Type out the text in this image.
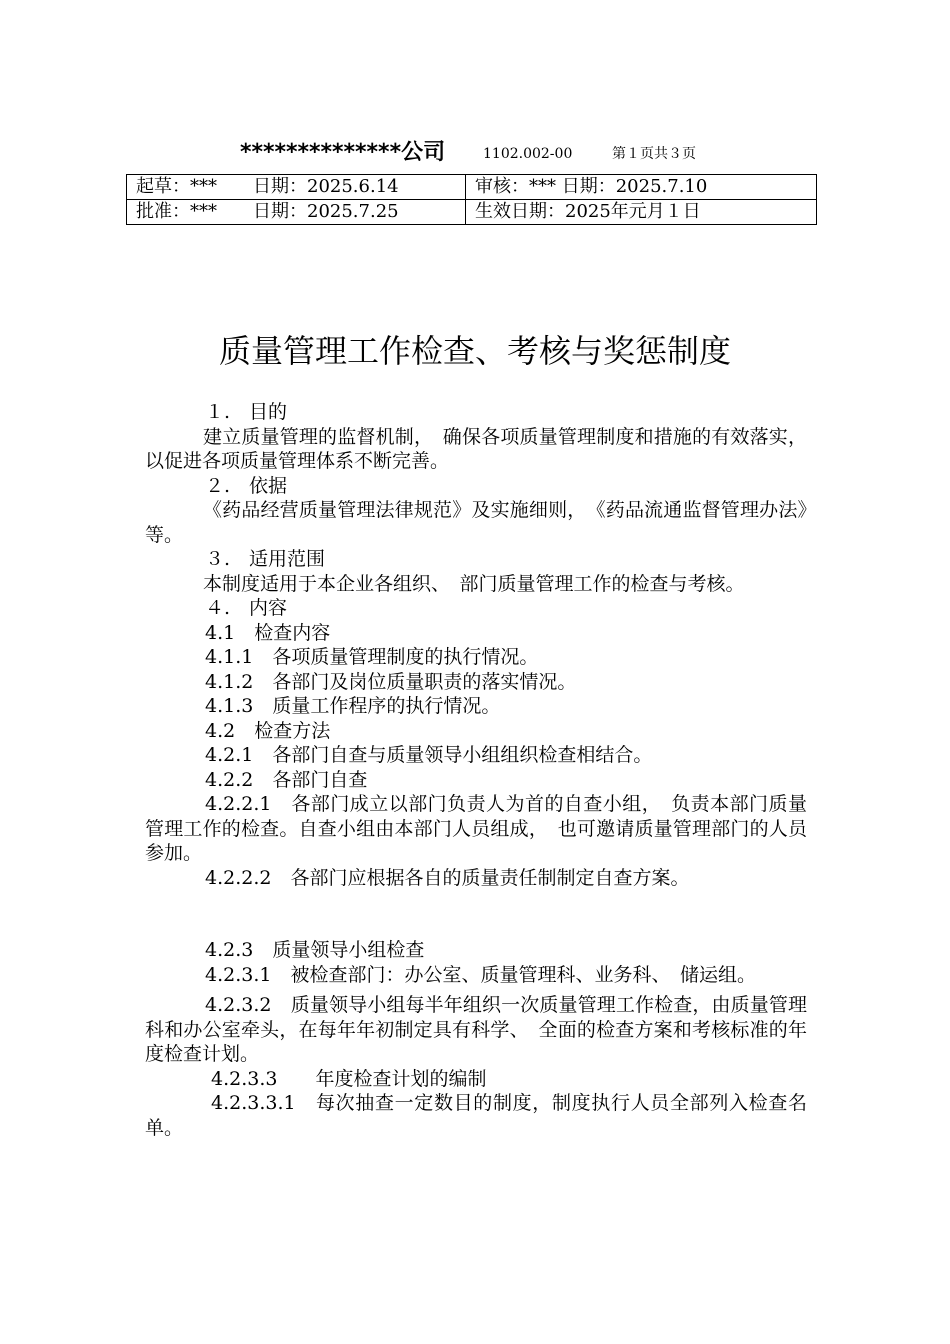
**************公司	1102.002-00	第１页共３页
起草：***　　日期：2025.6.14	审核：*** 日期：2025.7.10
批准：***　　日期：2025.7.25	生效日期：2025年元月１日
质量管理工作检查、考核与奖惩制度

１.　目的

建立质量管理的监督机制，　确保各项质量管理制度和措施的有效落实，以促进各项质量管理体系不断完善。

２.　依据

《药品经营质量管理法律规范》及实施细则，　《药品流通监督管理办法》等。

３.　适用范围

本制度适用于本企业各组织、　部门质量管理工作的检查与考核。

４.　内容

4.1　检查内容

4.1.1　各项质量管理制度的执行情况。

4.1.2　各部门及岗位质量职责的落实情况。

4.1.3　质量工作程序的执行情况。

4.2　检查方法

4.2.1　各部门自查与质量领导小组组织检查相结合。

4.2.2　各部门自查

4.2.2.1　各部门成立以部门负责人为首的自查小组，　负责本部门质量管理工作的检查。自查小组由本部门人员组成，　也可邀请质量管理部门的人员参加。

4.2.2.2　各部门应根据各自的质量责任制制定自查方案。

4.2.3　质量领导小组检查

4.2.3.1　被检查部门：办公室、质量管理科、业务科、　储运组。

4.2.3.2　质量领导小组每半年组织一次质量管理工作检查，由质量管理科和办公室牵头，在每年年初制定具有科学、　全面的检查方案和考核标准的年度检查计划。

4.2.3.3　　年度检查计划的编制

4.2.3.3.1　每次抽查一定数目的制度，制度执行人员全部列入检查名单。
